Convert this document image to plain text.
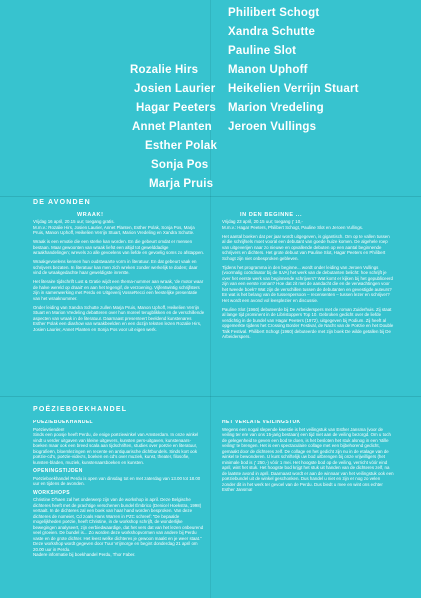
Philibert Schogt
Xandra Schutte
Pauline Slot
Manon Uphoff
Heikelien Verrijn Stuart
Marion Vredeling
Jeroen Vullings
Rozalie Hirs
Josien Laurier
Hagar Peeters
Annet Planten
Esther Polak
Sonja Pos
Marja Pruis
DE AVONDEN
WRAAK!

Vrijdag 16 april, 20.15 uur; toegang gratis.

M.m.v.: Rozalie Hirs, Josien Laurier, Annet Planten, Esther Polak, Sonja Pos, Marja Pruis, Manon Uphoff, Heikelien Verrijn Stuart, Marion Vredeling en Xandra Schutte.

Wraak is een emotie die een sterke kan worden. En die gebeurt omdat er mensen bestaan. Maar gewoonten van wraak liefst een altijd tot gewelddadige wraakhandelingen; wrevels zo alle gevoelens van liefde en gevoelig soms zo afstappen.

Wraakgevoelens kennen hun oudstwaarte vorm in literatuur. En dat gebeurt vaak en schrijvers bezaten. In literatuur kan men zich wreken zonder werkelijk te doden; daar vind de wraakgedachte haar geweldigste inrentte.

Het literaire tijdschrift Lust & Gratie wijdt een thema-nummer aan wraak, 'de motor waar de halve wereld op draait' en aan het tegengif, de verzoening. Vijfentwintig schrijfsters zijn in samenwerking met Perdu en Uitgeverij VosseRecci een feestelijke presentatie van het wraaknummer.

Onder leiding van Xandra Schutte zullen Marja Pruis, Manon Uphoff, Heikelien Verrijn Stuart en Marion Vredeling debatteren over hun moreel terugblikken en de verschillende aspecten van wraak in de literatuur. Daarnaast presenteert beeldend kunstenares Esther Polak een diashow van wraakbeelden en een dozijn teksten lezen Rozalie Hirs, Josien Laurier, Annet Planten en Sonja Pos voor uit eigen werk.

IN DEN BEGINNE ...

Vrijdag 23 april, 20.15 uur; toegang ƒ 10,-

M.m.v.: Hagar Peeters, Philibert Schogt, Pauline Slot en Jeroen Vullings.

Het aantal boeken dat per jaar wordt uitgegeven, is gigantisch. Om op te vallen tussen al die schrijfsels moet vooral een debutant van goede huize komen. De algehele roep van uitgeverijen naar zo nieuwe en opvallende debuten op een aantal beginnende schrijvers en dichters. Het grote debuut van Pauline Slot, Hagar Peeters en Philibert Schogt zijn niet onbesproken gebleven.

Tijdens het programma in den beginne... wordt onder leiding van Jeroen Vullings (voormalig coördinator bij de ILVA) het werk van de debutanten belicht: hoe schrijft je over het eerste werk van beginnende schrijvers? Wat komt er kijken bij het gepubliceerd zijn van een eerste roman? Hoe dat zit met de aandacht die en de verwachtingen voor het tweede boek? Wat zijn de verschillen tussen de debutanten en gevestigde auteurs? En wat is het belang van de tussenpersoon – recensenten – tussen lezer en schrijver? Het wordt een avond vol leesplezier en discussie.

Pauline Slot (1960) debuteerde bij De Arbeiderspers met de roman Zuiderhuis. Zij staat al lange tijd prominent in de Libristoppers Top 10. Gebroken gedicht over de liefde verdichtig in de bundel van Hagar Peeters (1972), uitgegeven bij Podium. Zij heeft al opgemerkte tijdens het Crossing Border Festival, de Nacht van de Poëzie en het Double Talk Festival. Philibert Schogt (1960) debuteerde met zijn boek De wilde getallen bij De Arbeiderspers.

POËZIEBOEKHANDEL
POËZIEBOEKHANDEL

Poëzievrienden!

Sinds een poosje heeft Perdu, de enige poëziewinkel van Amsterdam. In onze winkel vindt u verder uitgaven van kleine uitgevers, kunsten pers-uitgaven, kunstenaars-boeken maar ook een breed scala aan tijdschriften, studies over poëzie en literatuur, biografieën, bloemlezingen en recente en antiquarische dichtbundels. Sinds kort ook poëzie-cd's, poëzie-video's, boeken en cd's over muziek, kunst, theater, filosofie, kunsten-bladen, muziek, kunstenaarsboeken en kunsten.

OPENINGSTIJDEN

Poëzieboekhandel Perdu is open van dinsdag tot en met zaterdag van 13.00 tot 18.00 uur en tijdens de avonden.

WORKSHOPS

Christine D'haen zal het onderwerp zijn van de workshop in april. Deze Belgische dichteres heeft met de prachtige verschenen bundel Ëmbrico (Denicel Hoekstra, 1998) vertaalt. In de dichteres zal een boek van haar hand worden besproken. Van deze dichteres de nomeiet, Cd zoals Hans Warren in PZC schreef: “De bepaalde mogelijkheden poëzie, heeft Christine, in de workshop schrijft, de wonderlijke bewegingen analyseert, zijn eerbiedwaardige, dat het vers dat van het lezen onbeurend veel groeien. De bundel is... Zo worden deze workshopvormen van andere bij Perdu vaste en de grote dichter. Het leest welke dichteres je gewoon maakt en je weer staat.” Deze workshop wordt gegeven door Tuur Vrijmorge en begint donderdag 21 april om 20.00 uur in Perdu.

Nadere informatie bij boekhandel Perdu, Thor Faber.

HET VERLATE VEILINGSTUK

Wegens een nogal slepende kwestie is het veilingstuk van Esther Jansma (voor de veiling ter ere van ons 15-jarig bestaan) een tijd niet aan de veiling bezorgd. Om u toch de gelegenheid te geven een bod te doen, is het besloten het stuk alsnog in een 'stille veiling' te brengen. Het is een spectaculaire collage met een bijbehorend gedicht, gemaakt door de dichteres zelf. De collage en het gedicht zijn nu in de etalage van de winkel te bewonderen. U kunt schriftelijk uw bod uitbrengen bij onze vrijwilligers (het minimale bod is ƒ 250,-) vóór 1 mei. Het hoogste bod op de veiling, verricht vóór eind april, wint het stuk. Het hoogste bod krijgt het stuk uit handen van de dichteres zelf, na de laatste avond in april. Daarnaast wordt er aan de winnaar van het veilingstuk ook een poëziebundel uit de winkel geschonken. Dus handel u niet en zijn er nog zo velen zonder dit in het werk ter gevoel van de Perdu. Dus biedt u mee en wint ons echter Esther Jansma!
